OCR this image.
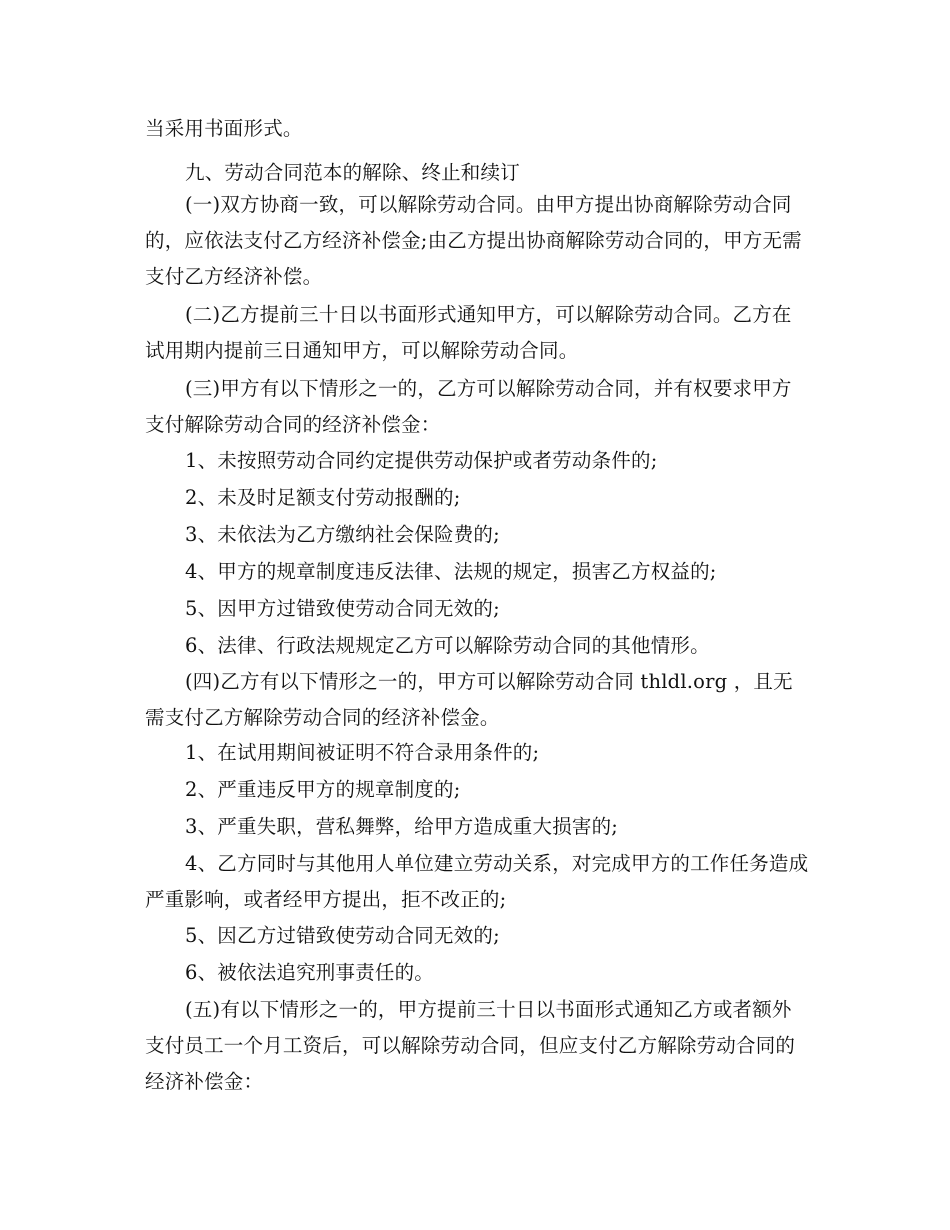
当采用书面形式。

九、劳动合同范本的解除、终止和续订

(一)双方协商一致，可以解除劳动合同。由甲方提出协商解除劳动合同的，应依法支付乙方经济补偿金;由乙方提出协商解除劳动合同的，甲方无需支付乙方经济补偿。

(二)乙方提前三十日以书面形式通知甲方，可以解除劳动合同。乙方在试用期内提前三日通知甲方，可以解除劳动合同。

(三)甲方有以下情形之一的，乙方可以解除劳动合同，并有权要求甲方支付解除劳动合同的经济补偿金：

1、未按照劳动合同约定提供劳动保护或者劳动条件的;

2、未及时足额支付劳动报酬的;

3、未依法为乙方缴纳社会保险费的;

4、甲方的规章制度违反法律、法规的规定，损害乙方权益的;

5、因甲方过错致使劳动合同无效的;

6、法律、行政法规规定乙方可以解除劳动合同的其他情形。

(四)乙方有以下情形之一的，甲方可以解除劳动合同 thldl.org ，且无需支付乙方解除劳动合同的经济补偿金。

1、在试用期间被证明不符合录用条件的;

2、严重违反甲方的规章制度的;

3、严重失职，营私舞弊，给甲方造成重大损害的;

4、乙方同时与其他用人单位建立劳动关系，对完成甲方的工作任务造成严重影响，或者经甲方提出，拒不改正的;

5、因乙方过错致使劳动合同无效的;

6、被依法追究刑事责任的。

(五)有以下情形之一的，甲方提前三十日以书面形式通知乙方或者额外支付员工一个月工资后，可以解除劳动合同，但应支付乙方解除劳动合同的经济补偿金：
